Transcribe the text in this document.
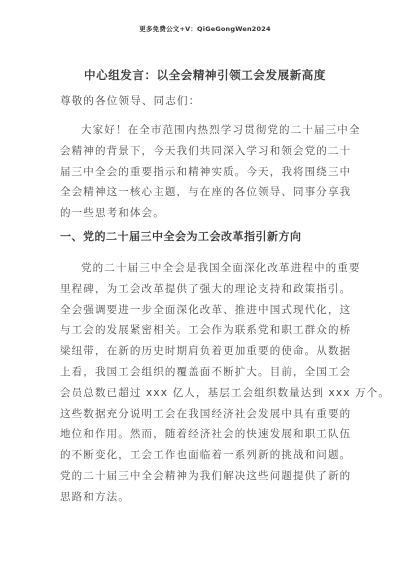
更多免费公文+V：QiGeGongWen2024
中心组发言：以全会精神引领工会发展新高度
尊敬的各位领导、同志们：
大家好！在全市范围内热烈学习贯彻党的二十届三中全
会精神的背景下，今天我们共同深入学习和领会党的二十
届三中全会的重要指示和精神实质。今天，我将围绕三中
全会精神这一核心主题，与在座的各位领导、同事分享我
的一些思考和体会。
一、党的二十届三中全会为工会改革指引新方向
党的二十届三中全会是我国全面深化改革进程中的重要
里程碑，为工会改革提供了强大的理论支持和政策指引。
全会强调要进一步全面深化改革、推进中国式现代化，这
与工会的发展紧密相关。工会作为联系党和职工群众的桥
梁纽带，在新的历史时期肩负着更加重要的使命。从数据
上看，我国工会组织的覆盖面不断扩大。目前，全国工会
会员总数已超过 xxx 亿人，基层工会组织数量达到 xxx 万个。
这些数据充分说明工会在我国经济社会发展中具有重要的
地位和作用。然而，随着经济社会的快速发展和职工队伍
的不断变化，工会工作也面临着一系列新的挑战和问题。
党的二十届三中全会精神为我们解决这些问题提供了新的
思路和方法。
